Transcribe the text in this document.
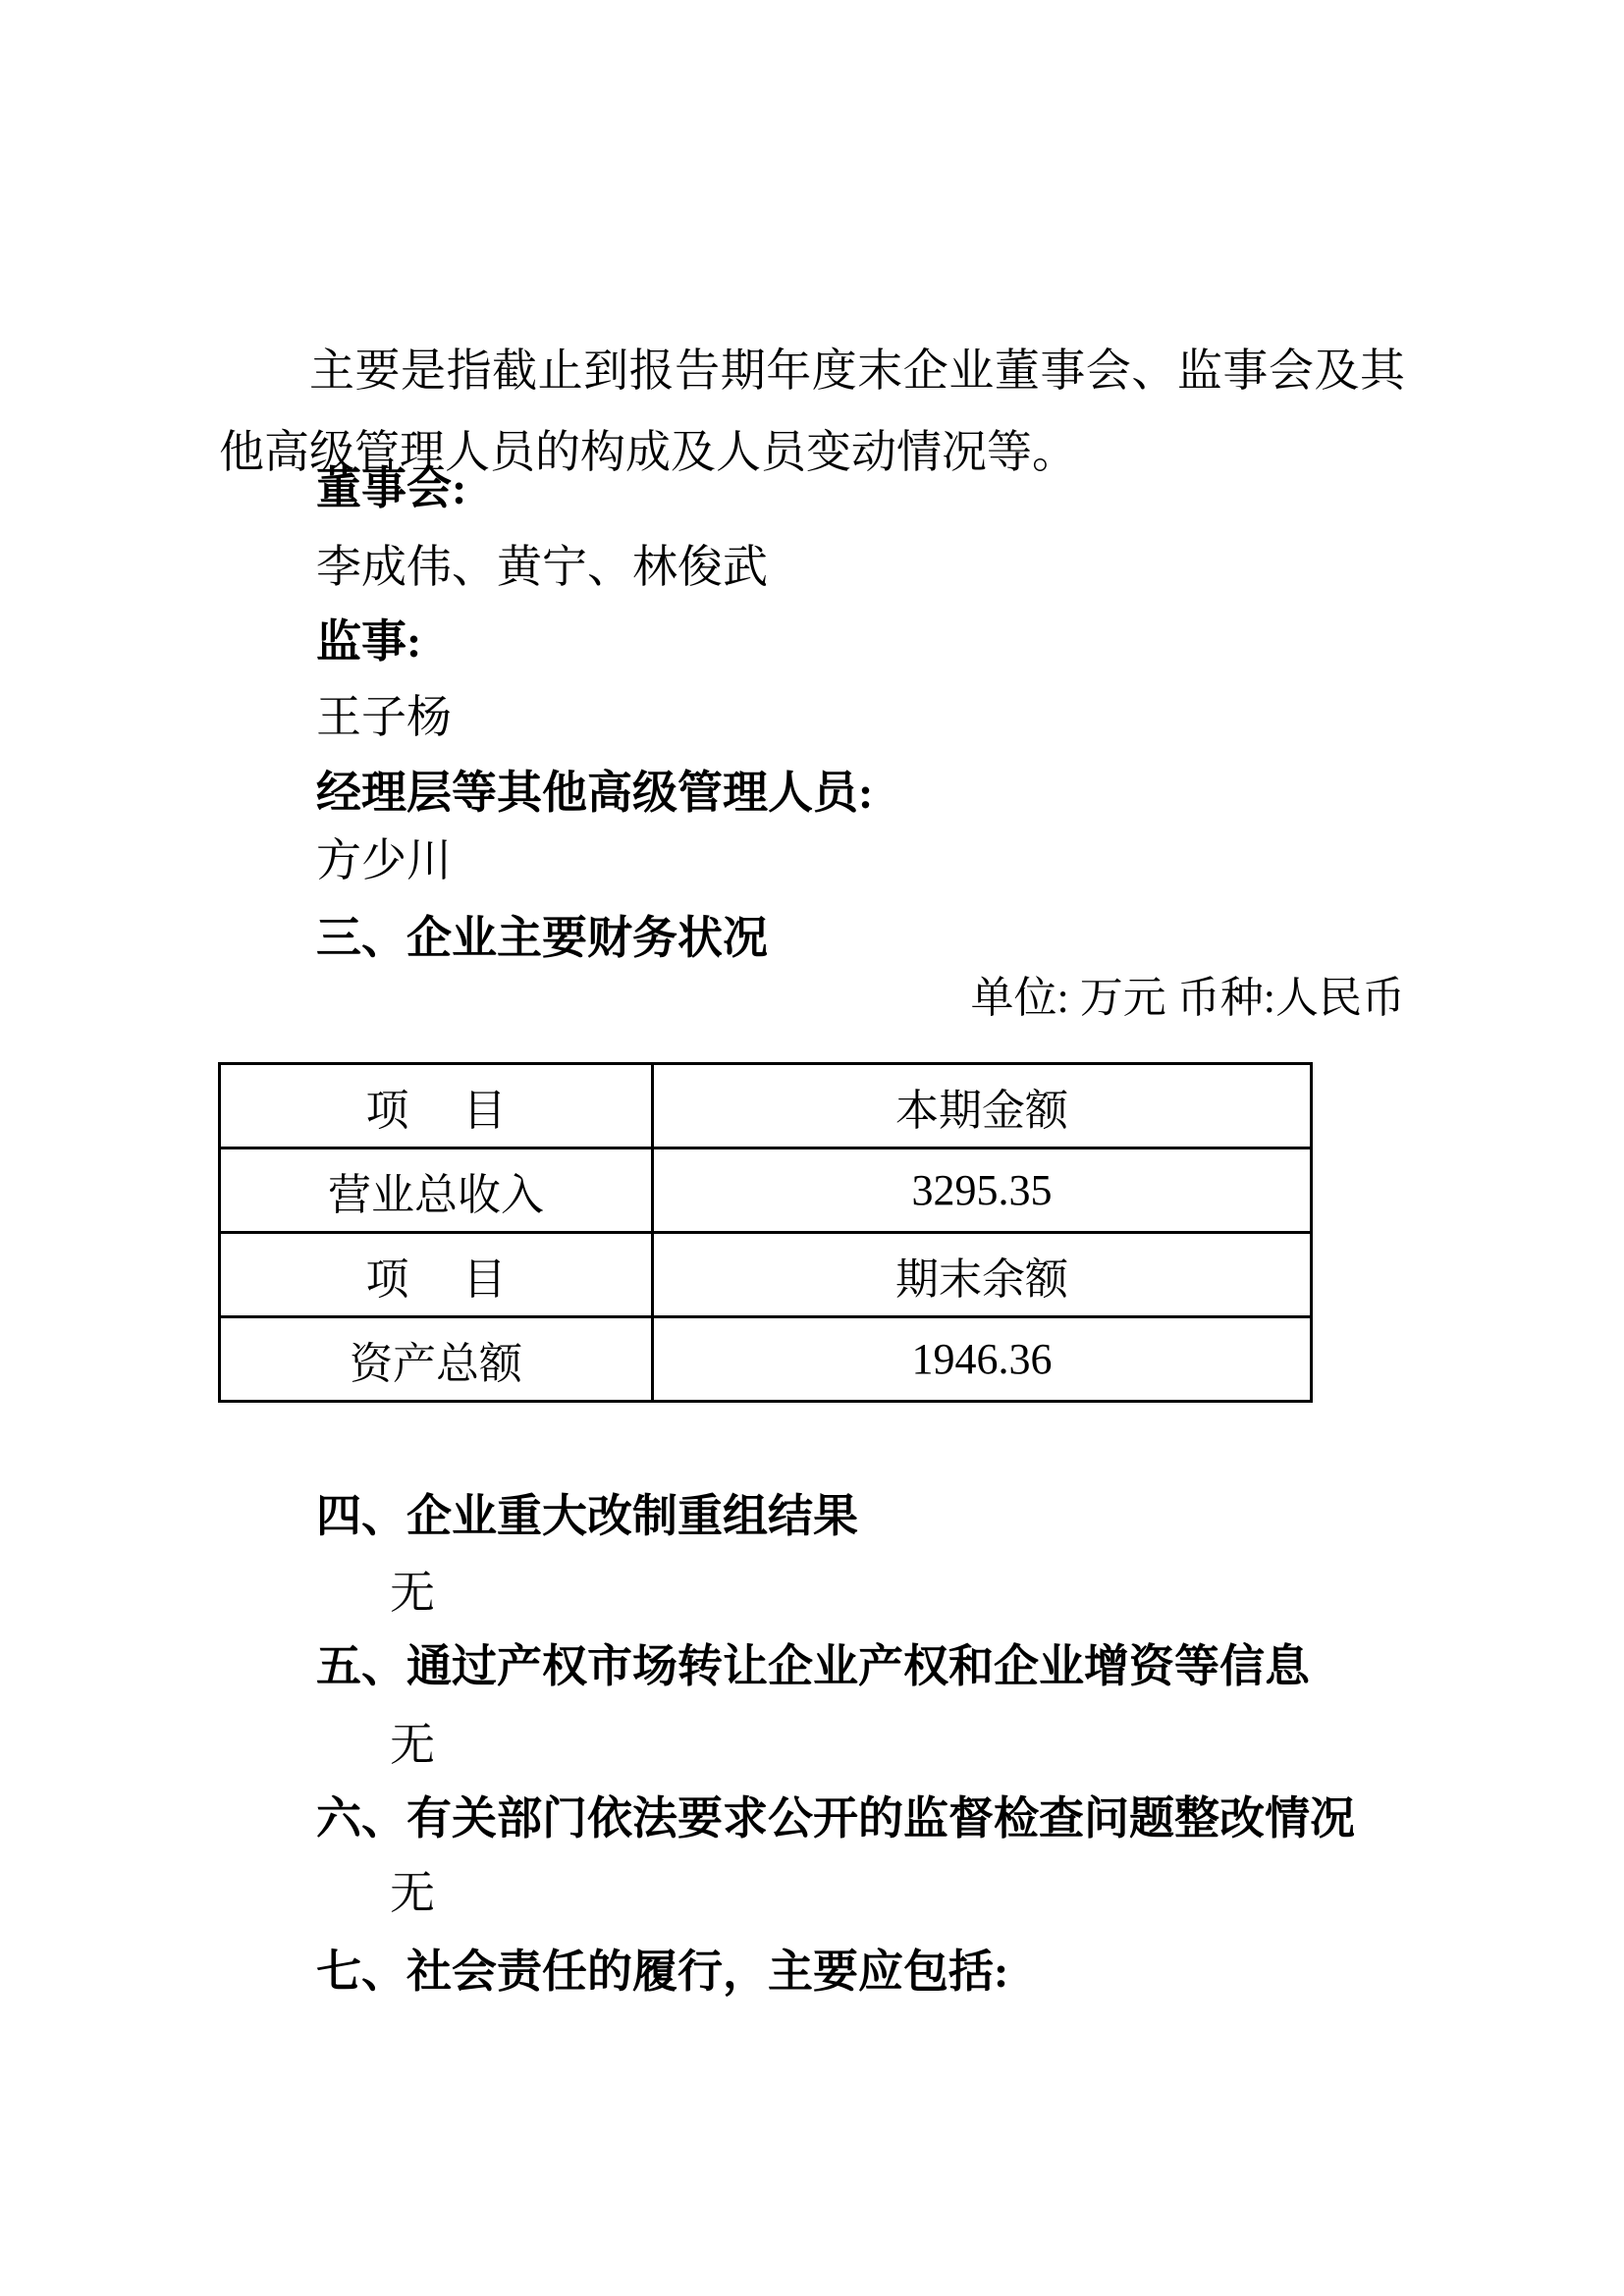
主要是指截止到报告期年度末企业董事会、监事会及其他高级管理人员的构成及人员变动情况等。

董事会:
李成伟、黄宁、林俊武
监事:
王子杨
经理层等其他高级管理人员:
方少川
三、企业主要财务状况
单位: 万元 币种:人民币
项　 目	本期金额
营业总收入	3295.35
项　 目	期末余额
资产总额	1946.36
四、企业重大改制重组结果
无
五、通过产权市场转让企业产权和企业增资等信息
无
六、有关部门依法要求公开的监督检查问题整改情况
无
七、社会责任的履行，主要应包括:
